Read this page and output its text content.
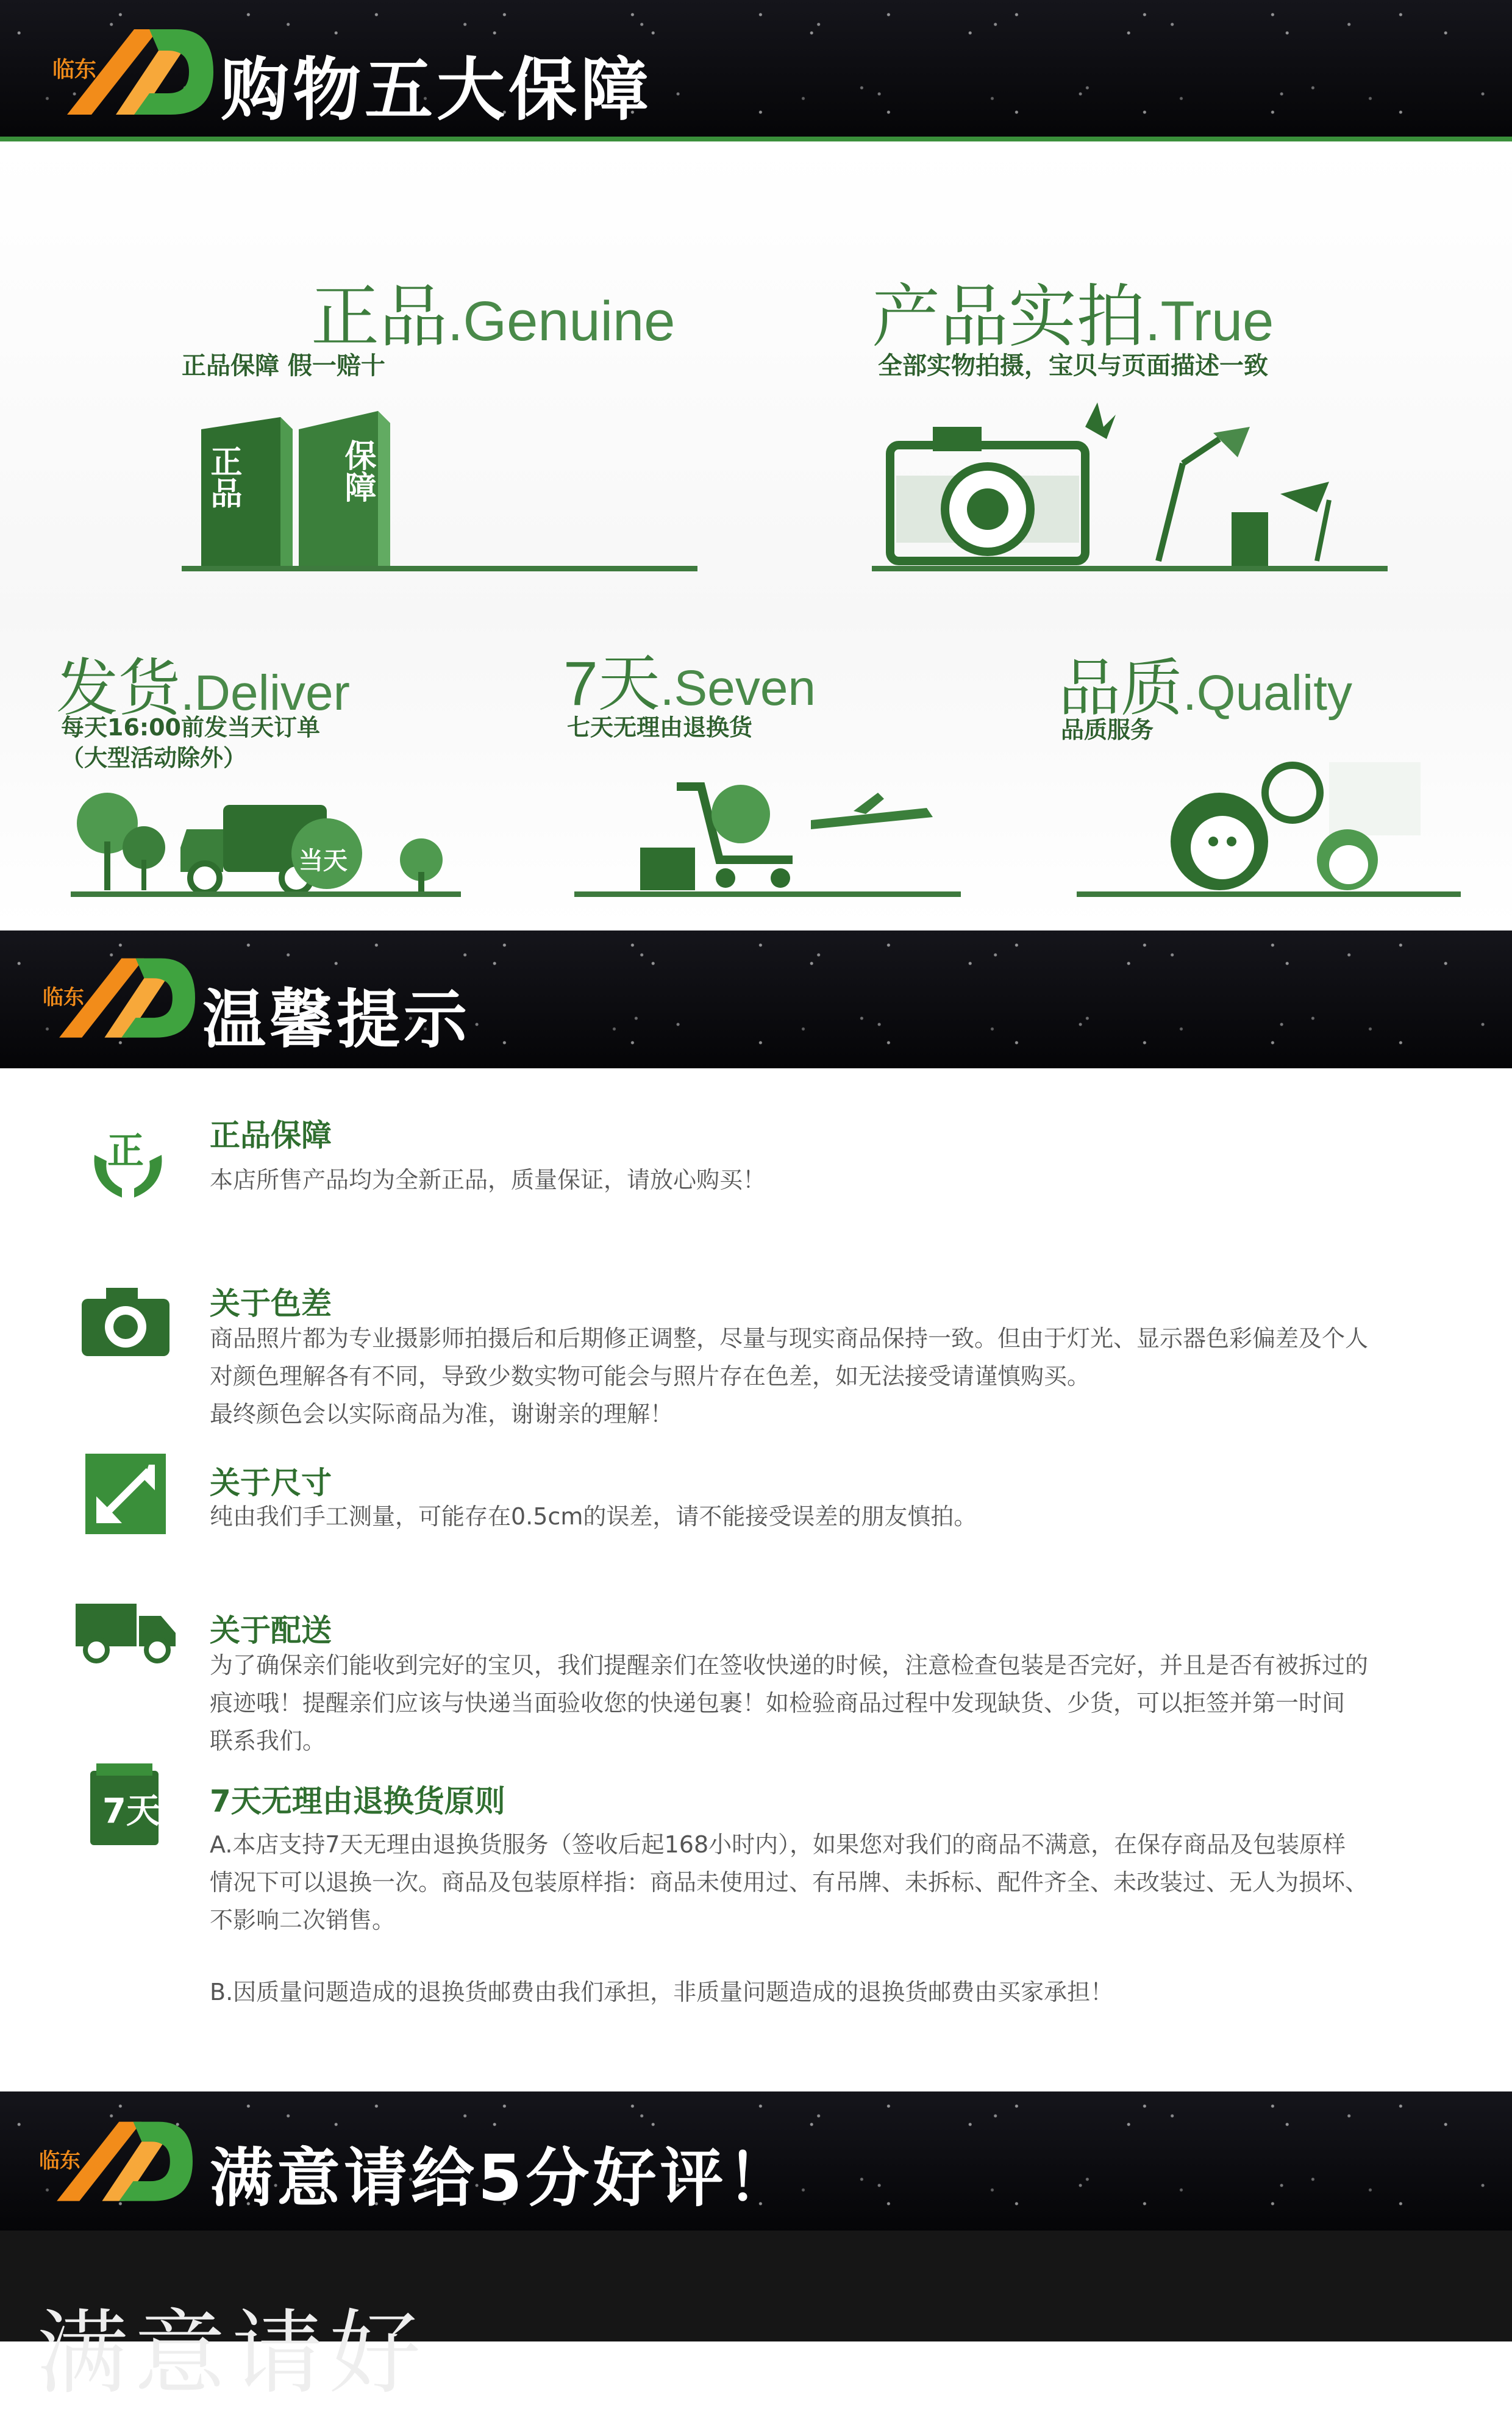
临东 购物五大保障
正品.Genuine
正品保障 假一赔十
正品	保障
产品实拍.True
全部实物拍摄，宝贝与页面描述一致
发货.Deliver
每天16:00前发当天订单
（大型活动除外）
当天
7天.Seven
七天无理由退换货
品质.Quality
品质服务
临东 温馨提示
正 正品保障
本店所售产品均为全新正品，质量保证，请放心购买！
关于色差
商品照片都为专业摄影师拍摄后和后期修正调整，尽量与现实商品保持一致。但由于灯光、显示器色彩偏差及个人
对颜色理解各有不同，导致少数实物可能会与照片存在色差，如无法接受请谨慎购买。
最终颜色会以实际商品为准，谢谢亲的理解！
关于尺寸
纯由我们手工测量，可能存在0.5cm的误差，请不能接受误差的朋友慎拍。
关于配送
为了确保亲们能收到完好的宝贝，我们提醒亲们在签收快递的时候，注意检查包装是否完好，并且是否有被拆过的
痕迹哦！提醒亲们应该与快递当面验收您的快递包裹！如检验商品过程中发现缺货、少货，可以拒签并第一时间
联系我们。
7天 7天无理由退换货原则
A.本店支持7天无理由退换货服务（签收后起168小时内），如果您对我们的商品不满意，在保存商品及包装原样
情况下可以退换一次。商品及包装原样指：商品未使用过、有吊牌、未拆标、配件齐全、未改装过、无人为损坏、
不影响二次销售。
B.因质量问题造成的退换货邮费由我们承担，非质量问题造成的退换货邮费由买家承担！
临东 满意请给5分好评！
满意请好
